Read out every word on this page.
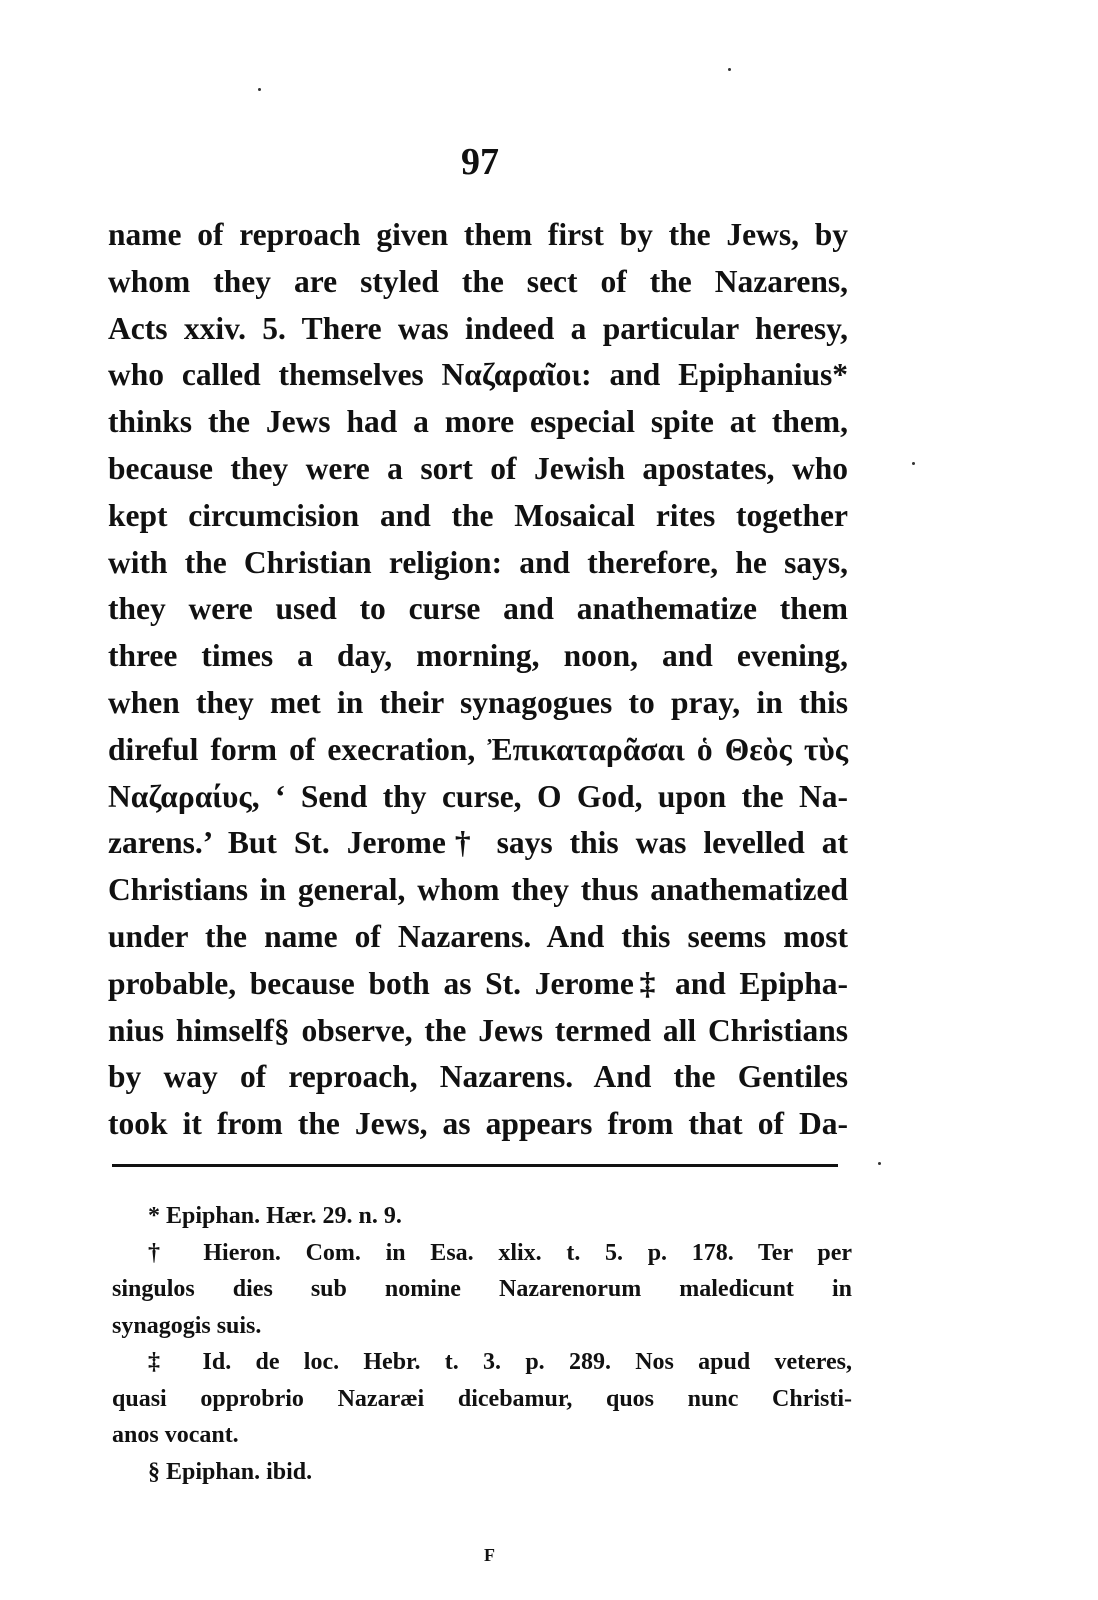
97
name of reproach given them first by the Jews, by
whom they are styled the sect of the Nazarens,
Acts xxiv. 5. There was indeed a particular heresy,
who called themselves Ναζαραῖοι: and Epiphanius*
thinks the Jews had a more especial spite at them,
because they were a sort of Jewish apostates, who
kept circumcision and the Mosaical rites together
with the Christian religion: and therefore, he says,
they were used to curse and anathematize them
three times a day, morning, noon, and evening,
when they met in their synagogues to pray, in this
direful form of execration, Ἐπικαταρᾶσαι ὁ Θεὸς τὺς
Ναζαραίυς, ‘ Send thy curse, O God, upon the Na-
zarens.’ But St. Jerome† says this was levelled at
Christians in general, whom they thus anathematized
under the name of Nazarens. And this seems most
probable, because both as St. Jerome‡ and Epipha-
nius himself§ observe, the Jews termed all Christians
by way of reproach, Nazarens. And the Gentiles
took it from the Jews, as appears from that of Da-
* Epiphan. Hær. 29. n. 9.
† Hieron. Com. in Esa. xlix. t. 5. p. 178. Ter per
singulos dies sub nomine Nazarenorum maledicunt in
synagogis suis.
‡ Id. de loc. Hebr. t. 3. p. 289. Nos apud veteres,
quasi opprobrio Nazaræi dicebamur, quos nunc Christi-
anos vocant.
§ Epiphan. ibid.
F
